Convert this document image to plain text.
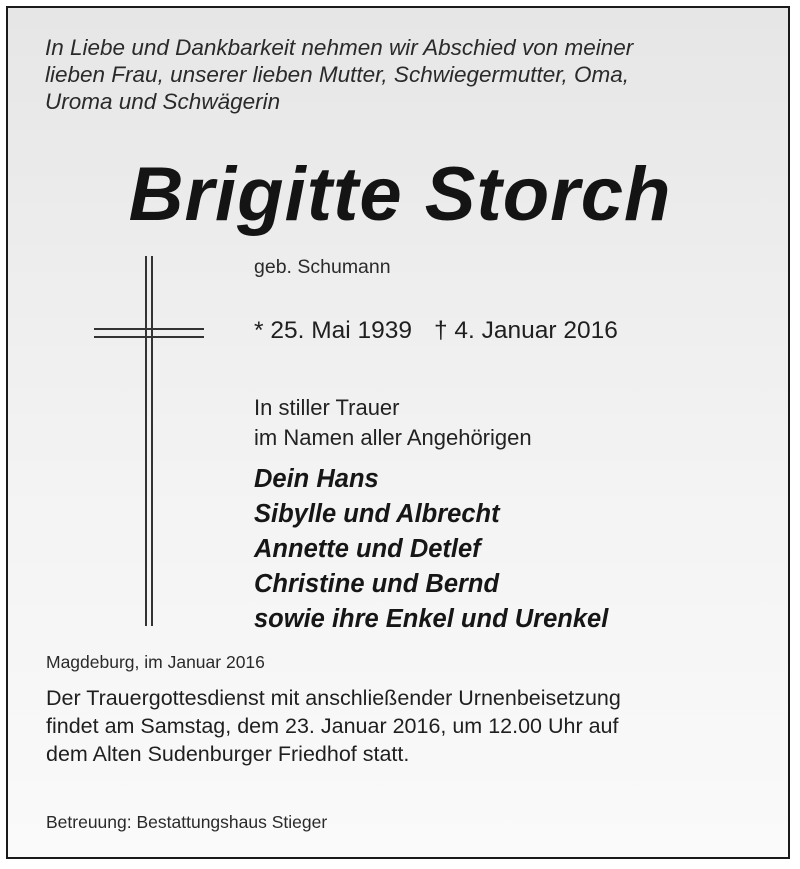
In Liebe und Dankbarkeit nehmen wir Abschied von meiner
lieben Frau, unserer lieben Mutter, Schwiegermutter, Oma,
Uroma und Schwägerin
Brigitte Storch
geb. Schumann
* 25. Mai 1939 † 4. Januar 2016
In stiller Trauer
im Namen aller Angehörigen
Dein Hans
Sibylle und Albrecht
Annette und Detlef
Christine und Bernd
sowie ihre Enkel und Urenkel
Magdeburg, im Januar 2016
Der Trauergottesdienst mit anschließender Urnenbeisetzung
findet am Samstag, dem 23. Januar 2016, um 12.00 Uhr auf
dem Alten Sudenburger Friedhof statt.
Betreuung: Bestattungshaus Stieger
